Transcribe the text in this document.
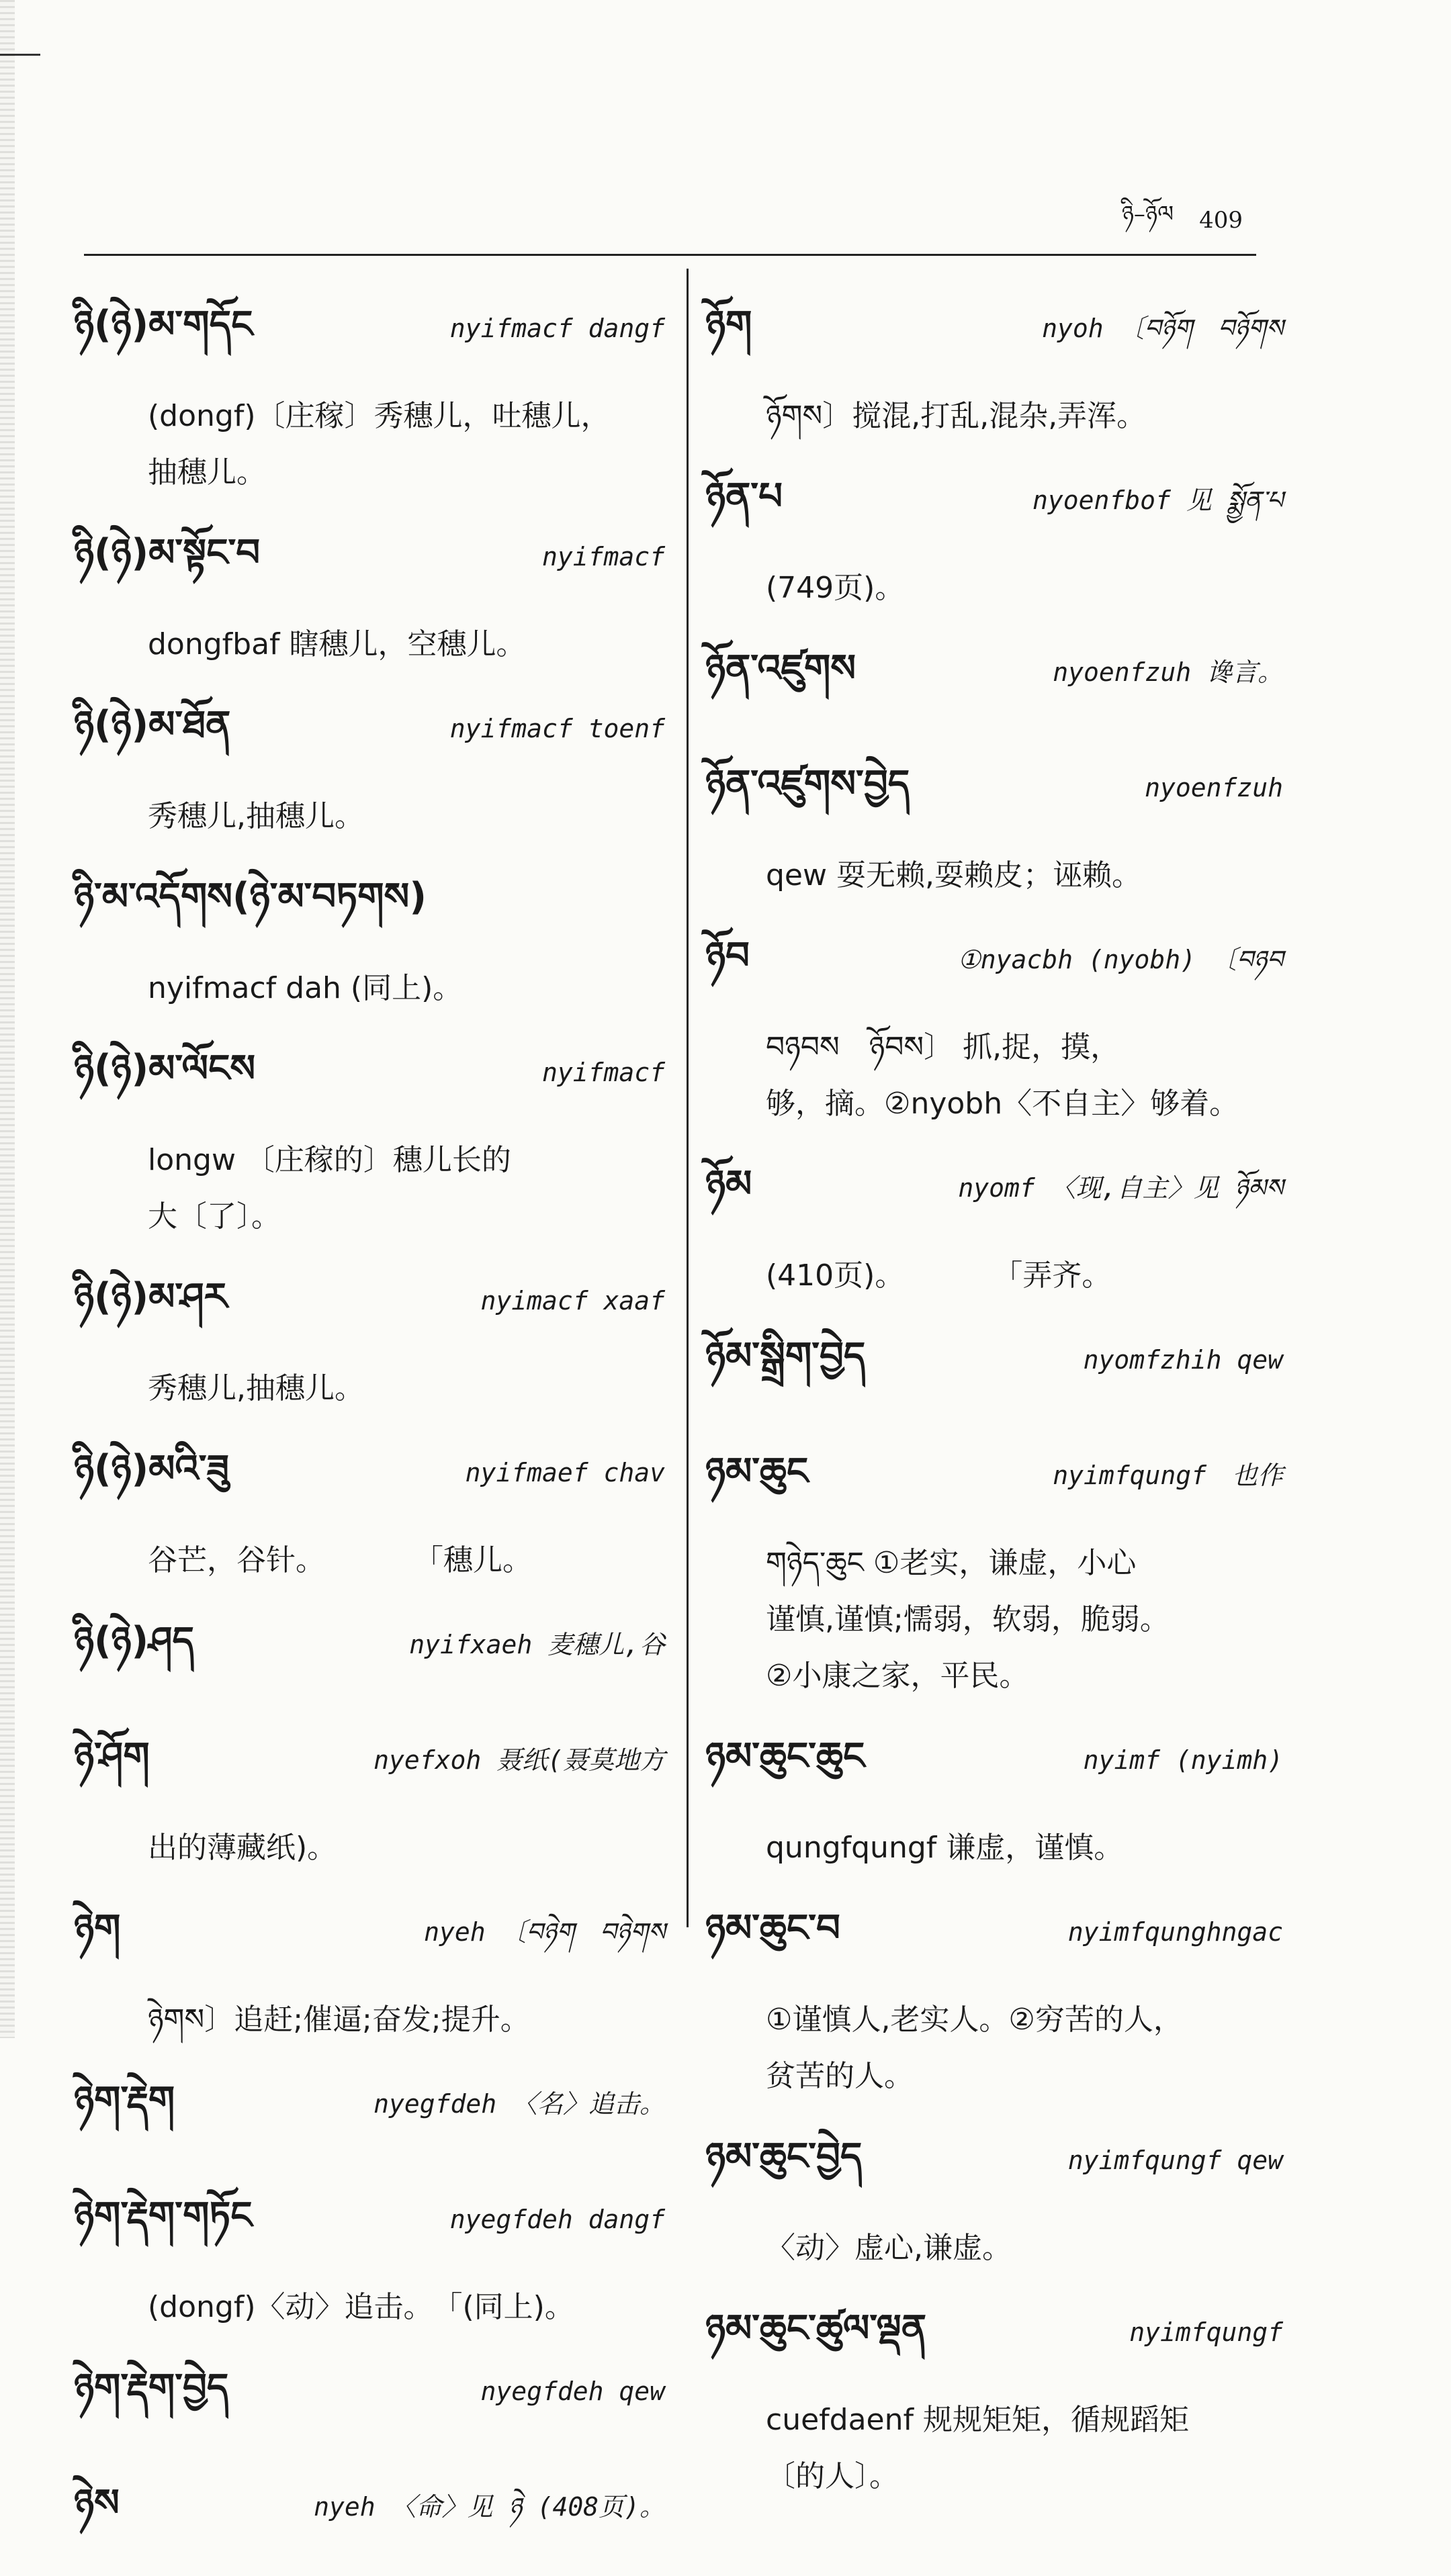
ཉི–ཉོལ 409
ཉི(ཉེ)མ་གདོང	nyifmacf dangf
(dongf)〔庄稼〕秀穗儿，吐穗儿，
抽穗儿。
ཉི(ཉེ)མ་སྟོང་བ	nyifmacf
dongfbaf 瞎穗儿，空穗儿。
ཉི(ཉེ)མ་ཐོན	nyifmacf toenf
秀穗儿,抽穗儿。
ཉི་མ་འདོགས(ཉེ་མ་བཏགས)
nyifmacf dah (同上)。
ཉི(ཉེ)མ་ལོངས	nyifmacf
longw 〔庄稼的〕穗儿长的
大〔了〕。
ཉི(ཉེ)མ་ཤར	nyimacf xaaf
秀穗儿,抽穗儿。
ཉི(ཉེ)མའི་ཟུ	nyifmaef chav
谷芒，谷针。　　　　「穗儿。
ཉི(ཉེ)ཤད	nyifxaeh 麦穗儿,谷
ཉེ་ཤོག	nyefxoh 聂纸(聂莫地方
出的薄藏纸)。
ཉེག	nyeh 〔བཉེག　བཉེགས
ཉེགས〕追赶;催逼;奋发;提升。
ཉེག་རྡེག	nyegfdeh 〈名〉追击。
ཉེག་རྡེག་གཏོང	nyegfdeh dangf
(dongf)〈动〉追击。　「(同上)。
ཉེག་རྡེག་བྱེད	nyegfdeh qew
ཉེས	nyeh 〈命〉见 ཉེ (408页)。
ཉོག	nyoh 〔བཉོག　བཉོགས
ཉོགས〕搅混,打乱,混杂,弄浑。
ཉོན་པ	nyoenfbof 见 སྨྱོན་པ
(749页)。
ཉོན་འཛུགས	nyoenfzuh 谗言。
ཉོན་འཛུགས་བྱེད	nyoenfzuh
qew 耍无赖,耍赖皮；诬赖。
ཉོབ	①nyacbh (nyobh) 〔བཉབ
བཉབས　ཉོབས〕 抓,捉，摸，
够，摘。②nyobh〈不自主〉够着。
ཉོམ	nyomf 〈现,自主〉见 ཉོམས
(410页)。　　　　「弄齐。
ཉོམ་སྒྲིག་བྱེད	nyomfzhih qew
ཉམ་ཆུང	nyimfqungf　也作
གཉེད་ཆུང ①老实，谦虚，小心
谨慎,谨慎;懦弱，软弱，脆弱。
②小康之家，平民。
ཉམ་ཆུང་ཆུང	nyimf (nyimh)
qungfqungf 谦虚，谨慎。
ཉམ་ཆུང་བ	nyimfqunghngac
①谨慎人,老实人。②穷苦的人，
贫苦的人。
ཉམ་ཆུང་བྱེད	nyimfqungf qew
〈动〉虚心,谦虚。
ཉམ་ཆུང་ཚུལ་ལྡན	nyimfqungf
cuefdaenf 规规矩矩，循规蹈矩
〔的人〕。
